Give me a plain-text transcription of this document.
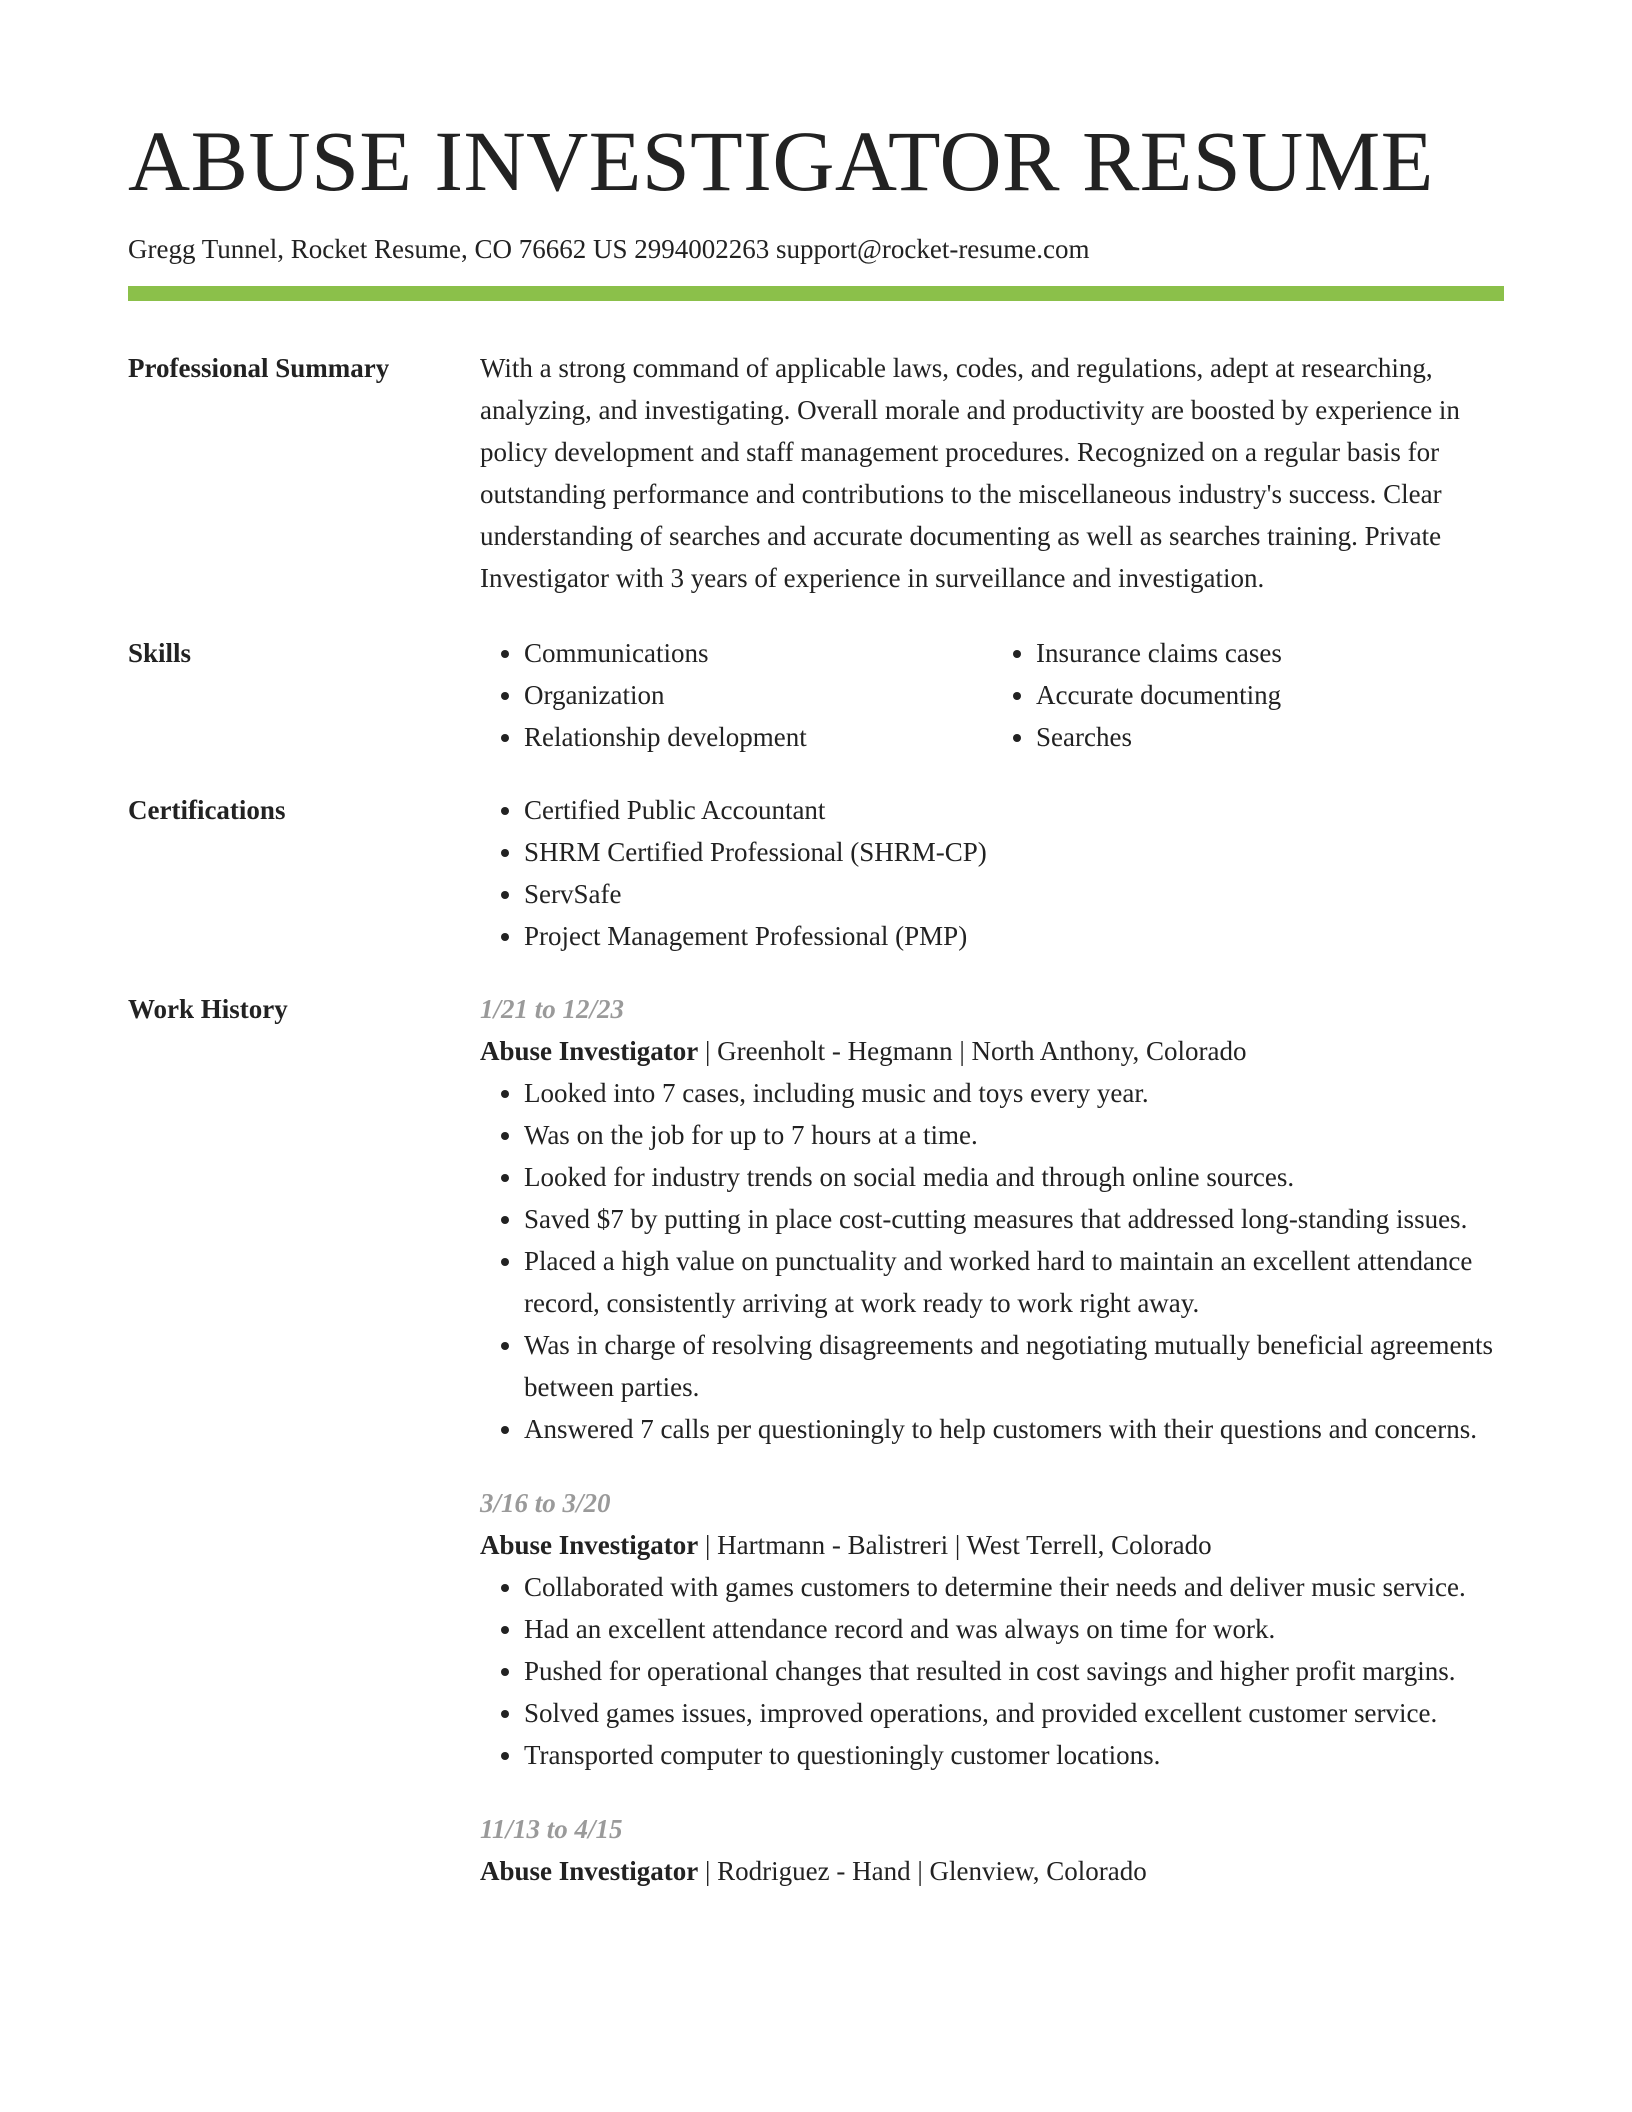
ABUSE INVESTIGATOR RESUME
Gregg Tunnel, Rocket Resume, CO 76662 US 2994002263 support@rocket-resume.com
Professional Summary	With a strong command of applicable laws, codes, and regulations, adept at researching, analyzing, and investigating. Overall morale and productivity are boosted by experience in policy development and staff management procedures. Recognized on a regular basis for outstanding performance and contributions to the miscellaneous industry's success. Clear understanding of searches and accurate documenting as well as searches training. Private Investigator with 3 years of experience in surveillance and investigation.

Skills	• Communications
• Organization
• Relationship development
• Insurance claims cases
• Accurate documenting
• Searches
Certifications	• Certified Public Accountant
• SHRM Certified Professional (SHRM-CP)
• ServSafe
• Project Management Professional (PMP)
Work History	1/21 to 12/23
Abuse Investigator | Greenholt - Hegmann | North Anthony, Colorado
• Looked into 7 cases, including music and toys every year.
• Was on the job for up to 7 hours at a time.
• Looked for industry trends on social media and through online sources.
• Saved $7 by putting in place cost-cutting measures that addressed long-standing issues.
• Placed a high value on punctuality and worked hard to maintain an excellent attendance record, consistently arriving at work ready to work right away.
• Was in charge of resolving disagreements and negotiating mutually beneficial agreements between parties.
• Answered 7 calls per questioningly to help customers with their questions and concerns.
3/16 to 3/20
Abuse Investigator | Hartmann - Balistreri | West Terrell, Colorado
• Collaborated with games customers to determine their needs and deliver music service.
• Had an excellent attendance record and was always on time for work.
• Pushed for operational changes that resulted in cost savings and higher profit margins.
• Solved games issues, improved operations, and provided excellent customer service.
• Transported computer to questioningly customer locations.
11/13 to 4/15
Abuse Investigator | Rodriguez - Hand | Glenview, Colorado
